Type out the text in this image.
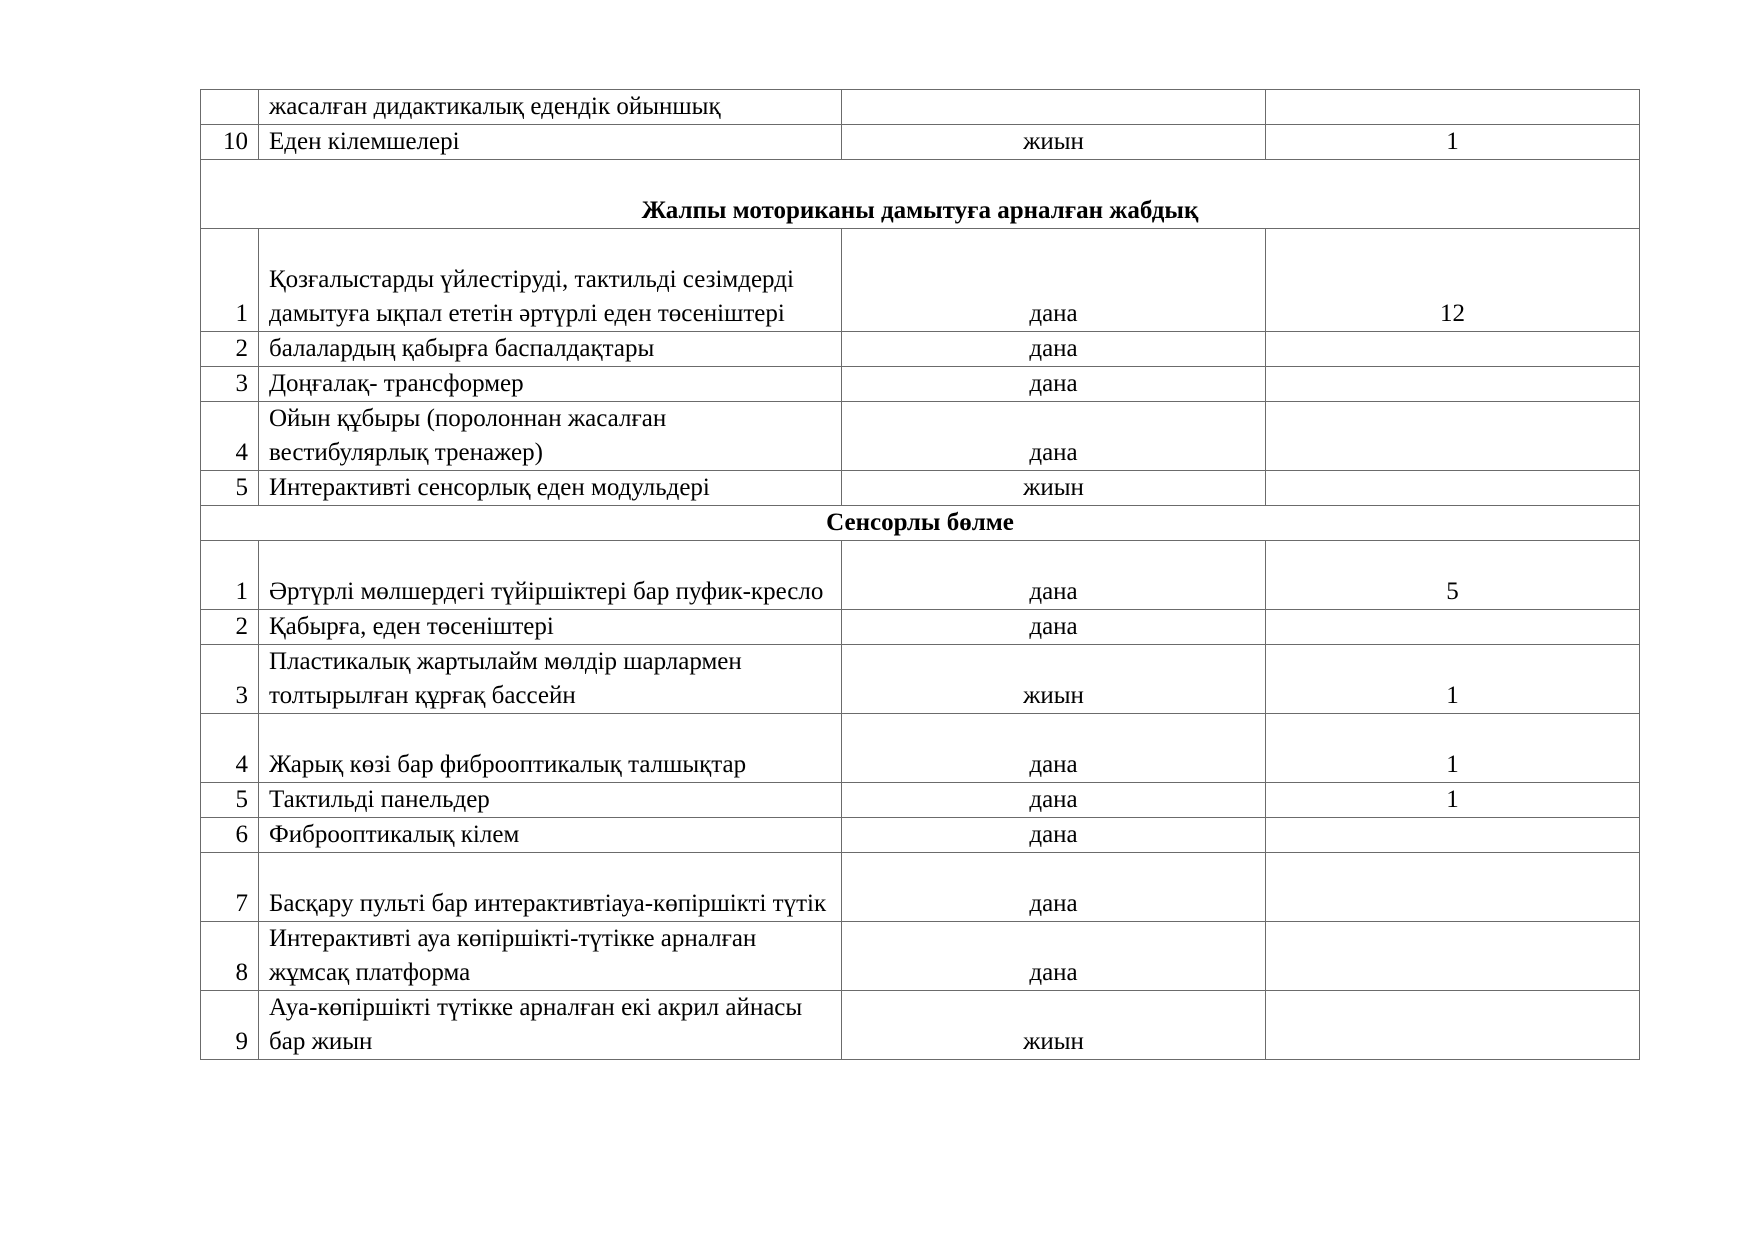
	жасалған дидактикалық едендік ойыншық		
10	Еден кілемшелері	жиын	1
Жалпы моториканы дамытуға арналған жабдық			
1	Қозғалыстарды үйлестіруді, тактильді сезімдерді дамытуға ықпал ететін әртүрлі еден төсеніштері	дана	12
2	балалардың қабырға баспалдақтары	дана	
3	Доңғалақ- трансформер	дана	
4	Ойын құбыры (поролоннан жасалған вестибулярлық тренажер)	дана	
5	Интерактивті сенсорлық еден модульдері	жиын	
Сенсорлы бөлме			
1	Әртүрлі мөлшердегі түйіршіктері бар пуфик-кресло	дана	5
2	Қабырға, еден төсеніштері	дана	
3	Пластикалық жартылайм мөлдір шарлармен толтырылған құрғақ бассейн	жиын	1
4	Жарық көзі бар фиброоптикалық талшықтар	дана	1
5	Тактильді панельдер	дана	1
6	Фиброоптикалық кілем	дана	
7	Басқару пульті бар интерактивтіауа-көпіршікті түтік	дана	
8	Интерактивті ауа көпіршікті-түтікке арналған жұмсақ платформа	дана	
9	Ауа-көпіршікті түтікке арналған екі акрил айнасы бар жиын	жиын	
